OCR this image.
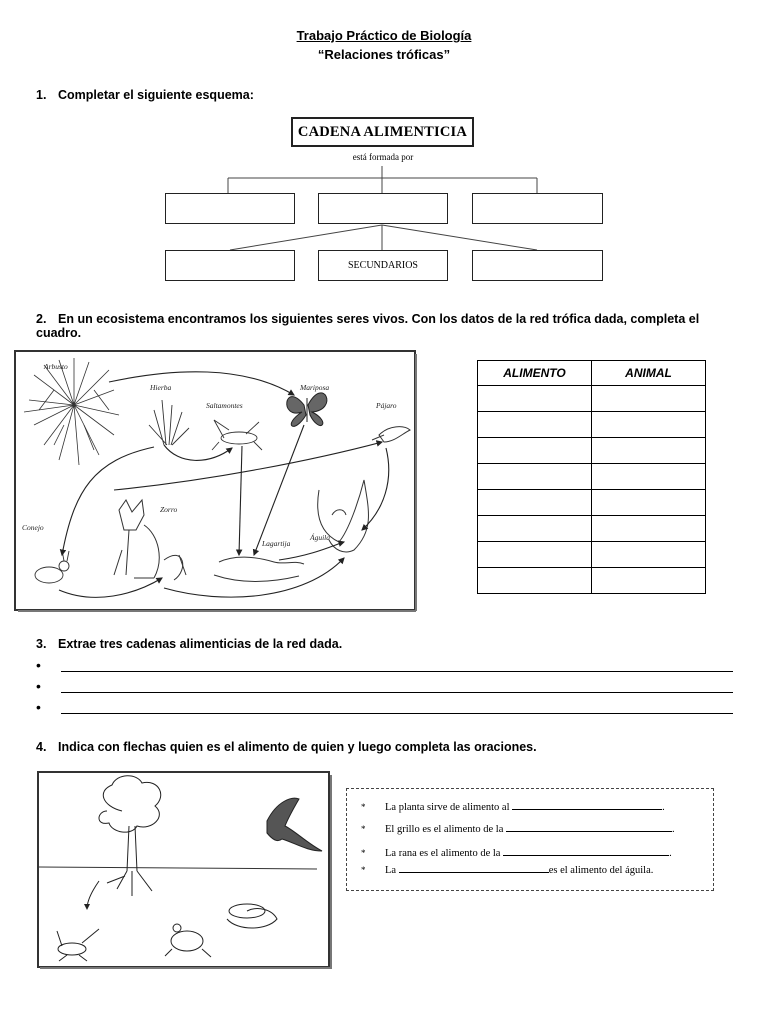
Trabajo Práctico de Biología
“Relaciones tróficas”
1. Completar el siguiente esquema:
CADENA ALIMENTICIA
está formada por
SECUNDARIOS
2. En un ecosistema encontramos los siguientes seres vivos. Con los datos de la red trófica dada, completa el cuadro.
Arbusto
Hierba
Saltamontes
Mariposa
Pájaro
Conejo
Zorro
Lagartija
Águila
ALIMENTO	ANIMAL

3. Extrae tres cadenas alimenticias de la red dada.
•
•
•
4. Indica con flechas quien es el alimento de quien y luego completa las oraciones.
* La planta sirve de alimento al	.
* El grillo es el alimento de la	.
* La rana es el alimento de la	.
* La	es el alimento del águila.
